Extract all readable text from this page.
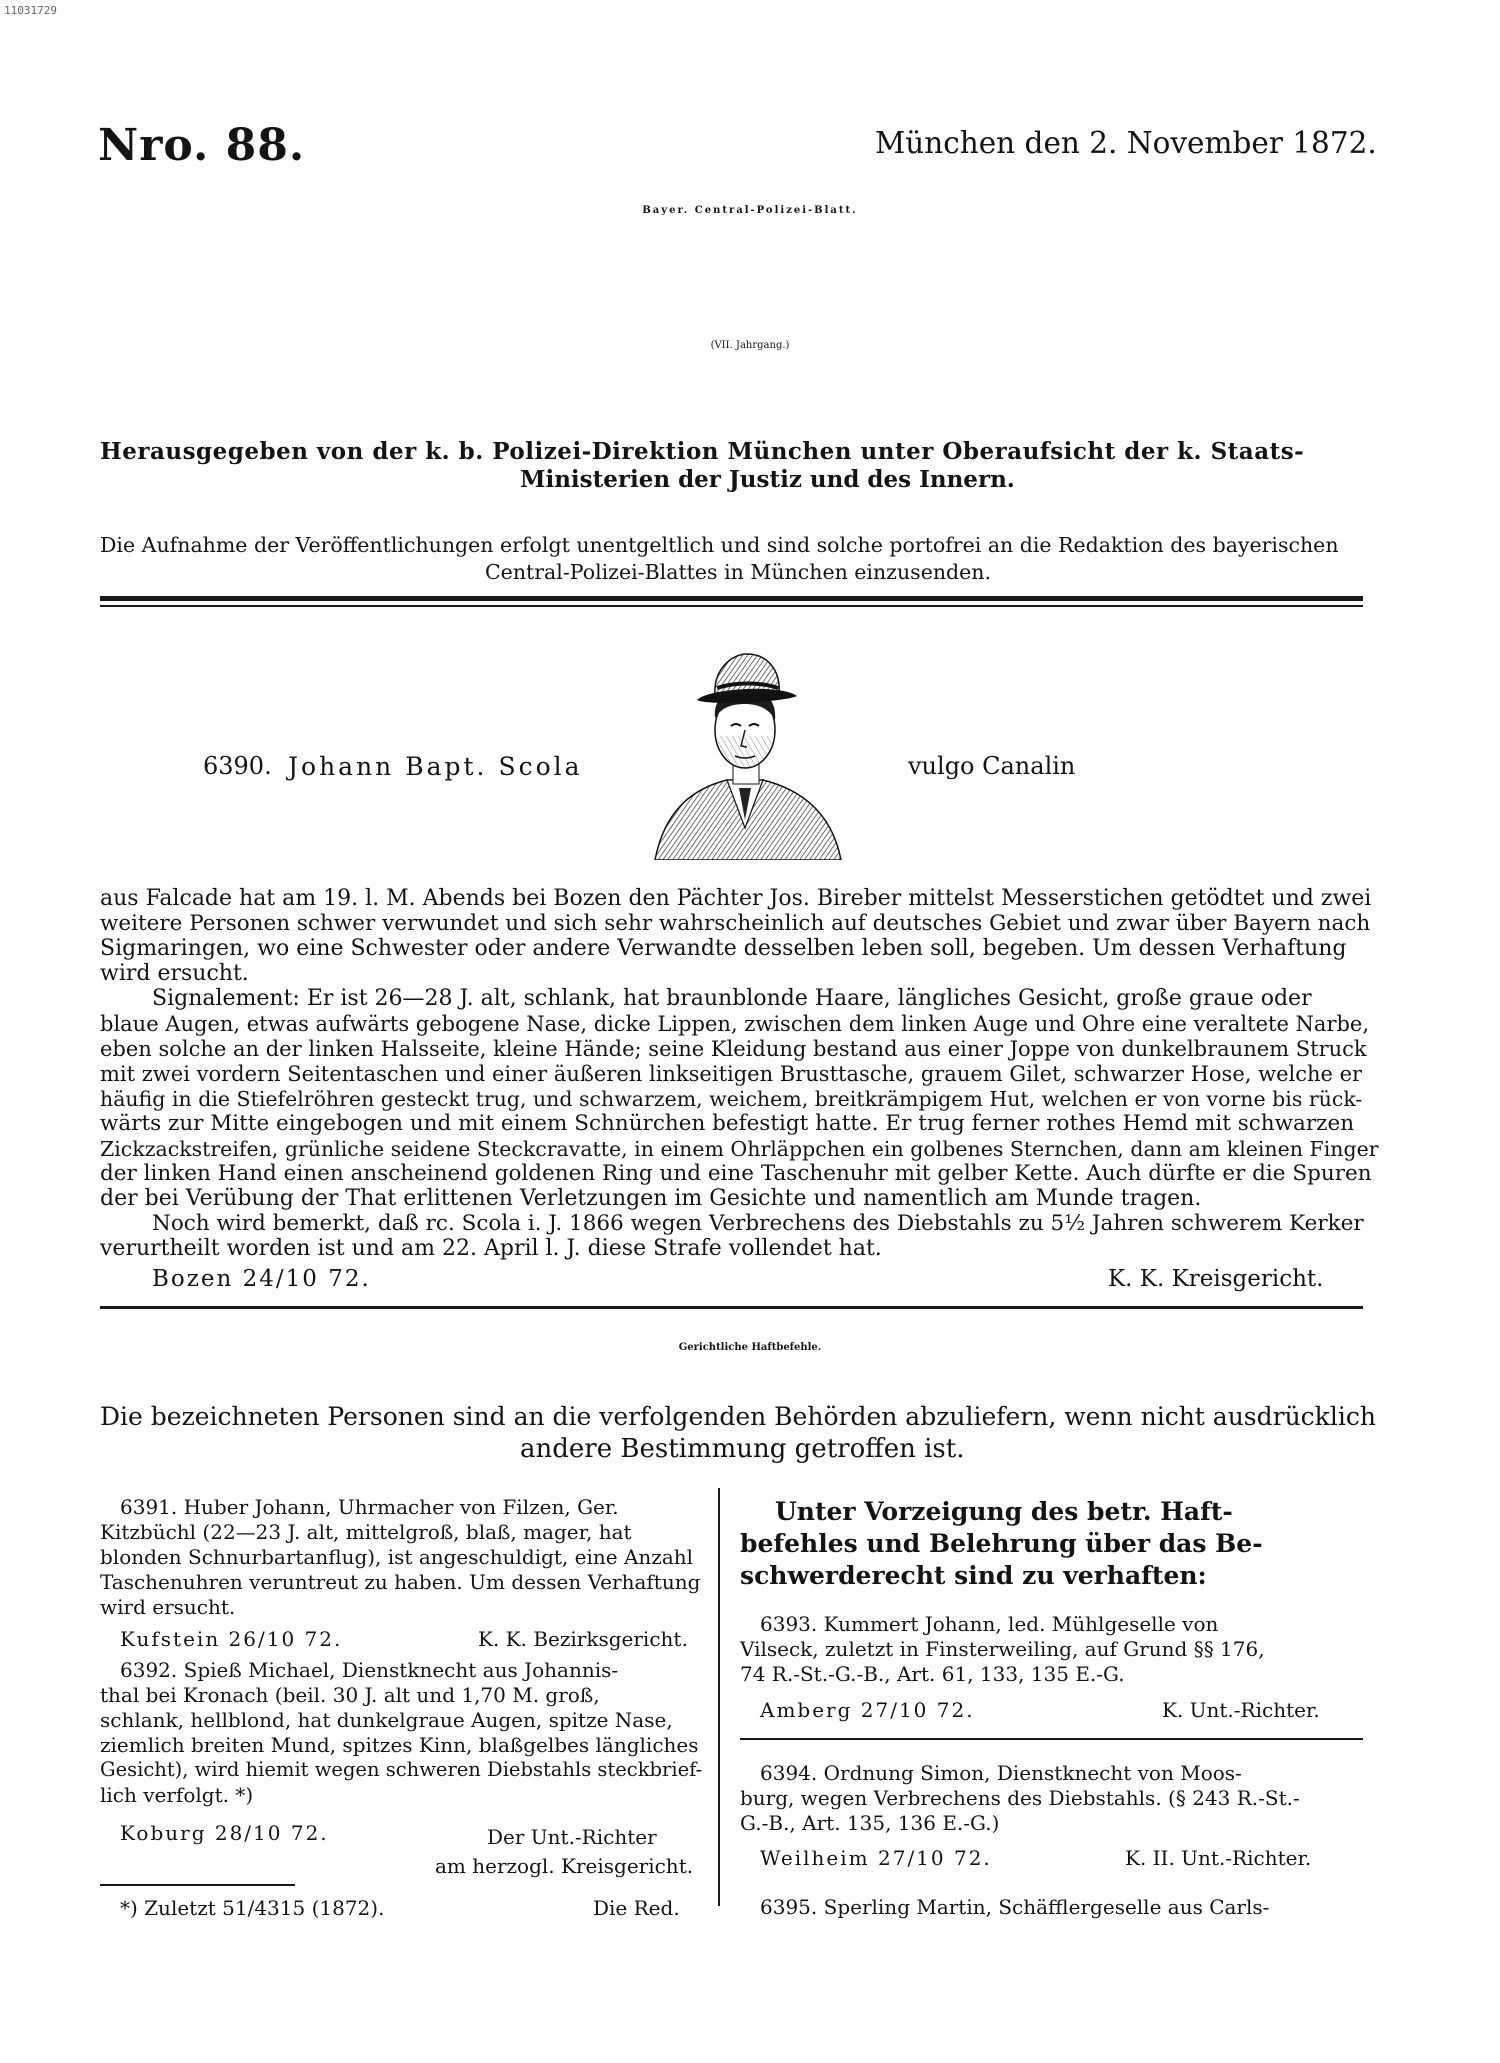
11031729
Nro. 88.	München den 2. November 1872.
Bayer. Central-Polizei-Blatt.
(VII. Jahrgang.)
Herausgegeben von der k. b. Polizei-Direktion München unter Oberaufsicht der k. Staats-
Ministerien der Justiz und des Innern.
Die Aufnahme der Veröffentlichungen erfolgt unentgeltlich und sind solche portofrei an die Redaktion des bayerischen
Central-Polizei-Blattes in München einzusenden.
6390. Johann Bapt. Scola	vulgo Canalin
aus Falcade hat am 19. l. M. Abends bei Bozen den Pächter Jos. Bireber mittelst Messerstichen getödtet und zwei
weitere Personen schwer verwundet und sich sehr wahrscheinlich auf deutsches Gebiet und zwar über Bayern nach
Sigmaringen, wo eine Schwester oder andere Verwandte desselben leben soll, begeben. Um dessen Verhaftung
wird ersucht.
Signalement: Er ist 26—28 J. alt, schlank, hat braunblonde Haare, längliches Gesicht, große graue oder
blaue Augen, etwas aufwärts gebogene Nase, dicke Lippen, zwischen dem linken Auge und Ohre eine veraltete Narbe,
eben solche an der linken Halsseite, kleine Hände; seine Kleidung bestand aus einer Joppe von dunkelbraunem Struck
mit zwei vordern Seitentaschen und einer äußeren linkseitigen Brusttasche, grauem Gilet, schwarzer Hose, welche er
häufig in die Stiefelröhren gesteckt trug, und schwarzem, weichem, breitkrämpigem Hut, welchen er von vorne bis rück-
wärts zur Mitte eingebogen und mit einem Schnürchen befestigt hatte. Er trug ferner rothes Hemd mit schwarzen
Zickzackstreifen, grünliche seidene Steckcravatte, in einem Ohrläppchen ein golbenes Sternchen, dann am kleinen Finger
der linken Hand einen anscheinend goldenen Ring und eine Taschenuhr mit gelber Kette. Auch dürfte er die Spuren
der bei Verübung der That erlittenen Verletzungen im Gesichte und namentlich am Munde tragen.
Noch wird bemerkt, daß rc. Scola i. J. 1866 wegen Verbrechens des Diebstahls zu 5½ Jahren schwerem Kerker
verurtheilt worden ist und am 22. April l. J. diese Strafe vollendet hat.
Bozen 24/10 72.	K. K. Kreisgericht.
Gerichtliche Haftbefehle.
Die bezeichneten Personen sind an die verfolgenden Behörden abzuliefern, wenn nicht ausdrücklich
andere Bestimmung getroffen ist.
6391. Huber Johann, Uhrmacher von Filzen, Ger.
Kitzbüchl (22—23 J. alt, mittelgroß, blaß, mager, hat
blonden Schnurbartanflug), ist angeschuldigt, eine Anzahl
Taschenuhren veruntreut zu haben. Um dessen Verhaftung
wird ersucht.
Kufstein 26/10 72.	K. K. Bezirksgericht.
6392. Spieß Michael, Dienstknecht aus Johannis-
thal bei Kronach (beil. 30 J. alt und 1,70 M. groß,
schlank, hellblond, hat dunkelgraue Augen, spitze Nase,
ziemlich breiten Mund, spitzes Kinn, blaßgelbes längliches
Gesicht), wird hiemit wegen schweren Diebstahls steckbrief-
lich verfolgt. *)
Koburg 28/10 72.	Der Unt.-Richter
am herzogl. Kreisgericht.
*) Zuletzt 51/4315 (1872).	Die Red.
Unter Vorzeigung des betr. Haft-
befehles und Belehrung über das Be-
schwerderecht sind zu verhaften:
6393. Kummert Johann, led. Mühlgeselle von
Vilseck, zuletzt in Finsterweiling, auf Grund §§ 176,
74 R.-St.-G.-B., Art. 61, 133, 135 E.-G.
Amberg 27/10 72.	K. Unt.-Richter.
6394. Ordnung Simon, Dienstknecht von Moos-
burg, wegen Verbrechens des Diebstahls. (§ 243 R.-St.-
G.-B., Art. 135, 136 E.-G.)
Weilheim 27/10 72.	K. II. Unt.-Richter.
6395. Sperling Martin, Schäfflergeselle aus Carls-
